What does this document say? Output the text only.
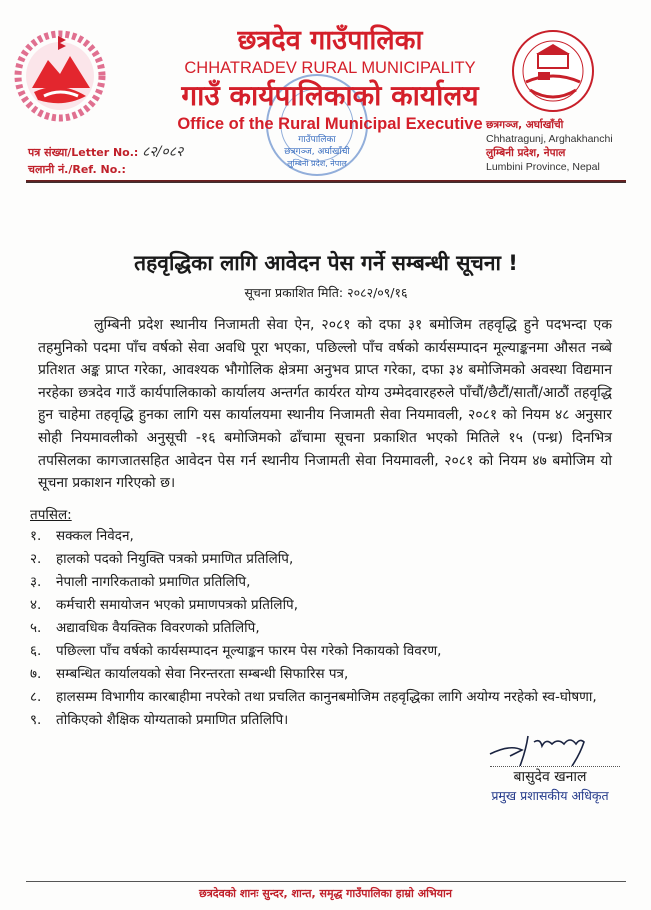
छत्रदेव गाउँपालिका
CHHATRADEV RURAL MUNICIPALITY
गाउँ कार्यपालिकाको कार्यालय
Office of the Rural Municipal Executive
गाउँपालिका
छत्रगञ्ज, अर्घाखाँची
लुम्बिनी प्रदेश, नेपाल
पत्र संख्या/Letter No.: ८२/०८२
चलानी नं./Ref. No.:
छत्रगञ्ज, अर्घाखाँची
Chhatragunj, Arghakhanchi
लुम्बिनी प्रदेश, नेपाल
Lumbini Province, Nepal
तहवृद्धिका लागि आवेदन पेस गर्ने सम्बन्धी सूचना !
सूचना प्रकाशित मिति: २०८२/०९/१६
लुम्बिनी प्रदेश स्थानीय निजामती सेवा ऐन, २०८१ को दफा ३१ बमोजिम तहवृद्धि हुने पदभन्दा एक तहमुनिको पदमा पाँच वर्षको सेवा अवधि पूरा भएका, पछिल्लो पाँच वर्षको कार्यसम्पादन मूल्याङ्कनमा औसत नब्बे प्रतिशत अङ्क प्राप्त गरेका, आवश्यक भौगोलिक क्षेत्रमा अनुभव प्राप्त गरेका, दफा ३४ बमोजिमको अवस्था विद्यमान नरहेका छत्रदेव गाउँ कार्यपालिकाको कार्यालय अन्तर्गत कार्यरत योग्य उम्मेदवारहरुले पाँचौं/छैटौं/सातौं/आठौं तहवृद्धि हुन चाहेमा तहवृद्धि हुनका लागि यस कार्यालयमा स्थानीय निजामती सेवा नियमावली, २०८१ को नियम ४८ अनुसार सोही नियमावलीको अनुसूची -१६ बमोजिमको ढाँचामा सूचना प्रकाशित भएको मितिले १५ (पन्ध्र) दिनभित्र तपसिलका कागजातसहित आवेदन पेस गर्न स्थानीय निजामती सेवा नियमावली, २०८१ को नियम ४७ बमोजिम यो सूचना प्रकाशन गरिएको छ।
तपसिल:
१. सक्कल निवेदन,
२. हालको पदको नियुक्ति पत्रको प्रमाणित प्रतिलिपि,
३. नेपाली नागरिकताको प्रमाणित प्रतिलिपि,
४. कर्मचारी समायोजन भएको प्रमाणपत्रको प्रतिलिपि,
५. अद्यावधिक वैयक्तिक विवरणको प्रतिलिपि,
६. पछिल्ला पाँच वर्षको कार्यसम्पादन मूल्याङ्कन फारम पेस गरेको निकायको विवरण,
७. सम्बन्धित कार्यालयको सेवा निरन्तरता सम्बन्धी सिफारिस पत्र,
८. हालसम्म विभागीय कारबाहीमा नपरेको तथा प्रचलित कानुनबमोजिम तहवृद्धिका लागि अयोग्य नरहेको स्व-घोषणा,
९. तोकिएको शैक्षिक योग्यताको प्रमाणित प्रतिलिपि।
बासुदेव खनाल
प्रमुख प्रशासकीय अधिकृत
छत्रदेवको शानः सुन्दर, शान्त, समृद्ध गाउँपालिका हाम्रो अभियान
